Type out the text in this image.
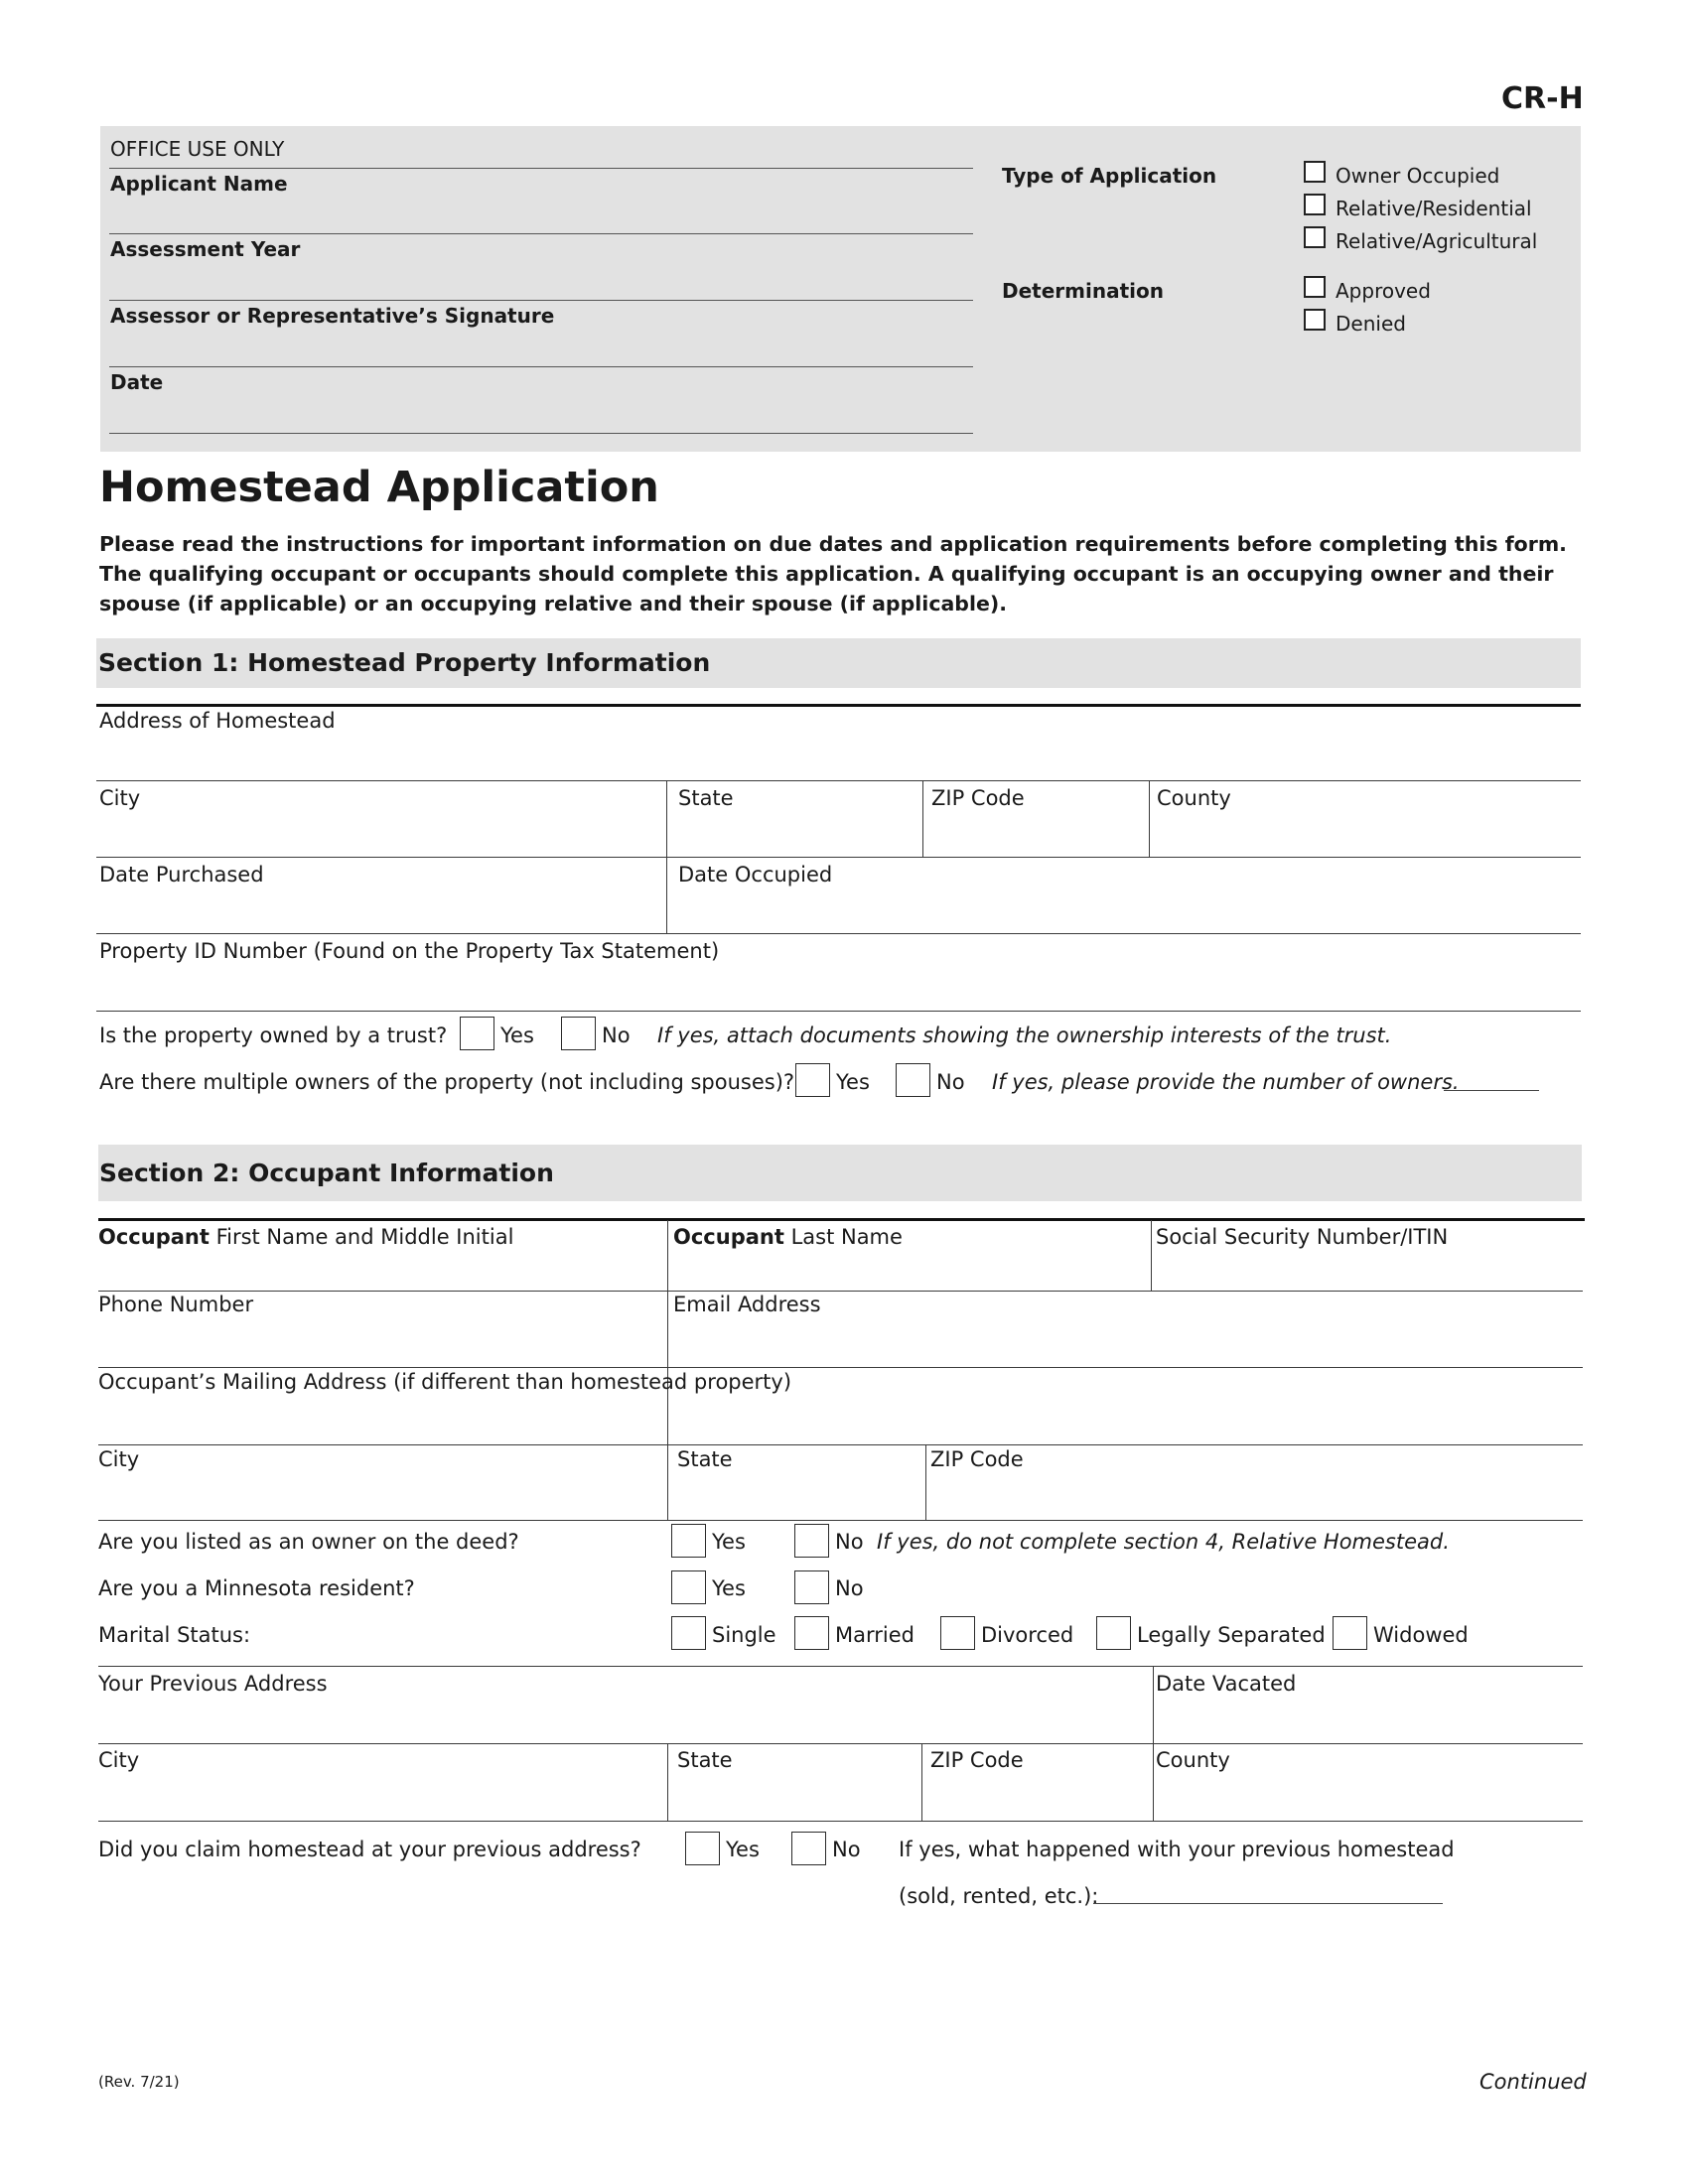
CR-H
OFFICE USE ONLY
Applicant Name
Assessment Year
Assessor or Representative’s Signature
Date
Type of Application	Owner Occupied
Relative/Residential
Relative/Agricultural
Determination	Approved
Denied
Homestead Application
Please read the instructions for important information on due dates and application requirements before completing this form. The qualifying occupant or occupants should complete this application. A qualifying occupant is an occupying owner and their spouse (if applicable) or an occupying relative and their spouse (if applicable).
Section 1: Homestead Property Information
Address of Homestead
City	State	ZIP Code	County
Date Purchased	Date Occupied
Property ID Number (Found on the Property Tax Statement)
Is the property owned by a trust?	Yes	No If yes, attach documents showing the ownership interests of the trust.
Are there multiple owners of the property (not including spouses)? Yes	No If yes, please provide the number of owners.
Section 2: Occupant Information
Occupant First Name and Middle Initial	Occupant Last Name	Social Security Number/ITIN
Phone Number	Email Address
Occupant’s Mailing Address (if different than homestead property)
City	State	ZIP Code
Are you listed as an owner on the deed?	Yes	No If yes, do not complete section 4, Relative Homestead.
Are you a Minnesota resident?	Yes	No
Marital Status:	Single	Married	Divorced	Legally Separated Widowed
Your Previous Address	Date Vacated
City	State	ZIP Code	County
Did you claim homestead at your previous address?	Yes	No If yes, what happened with your previous homestead
(sold, rented, etc.):
(Rev. 7/21)	Continued
